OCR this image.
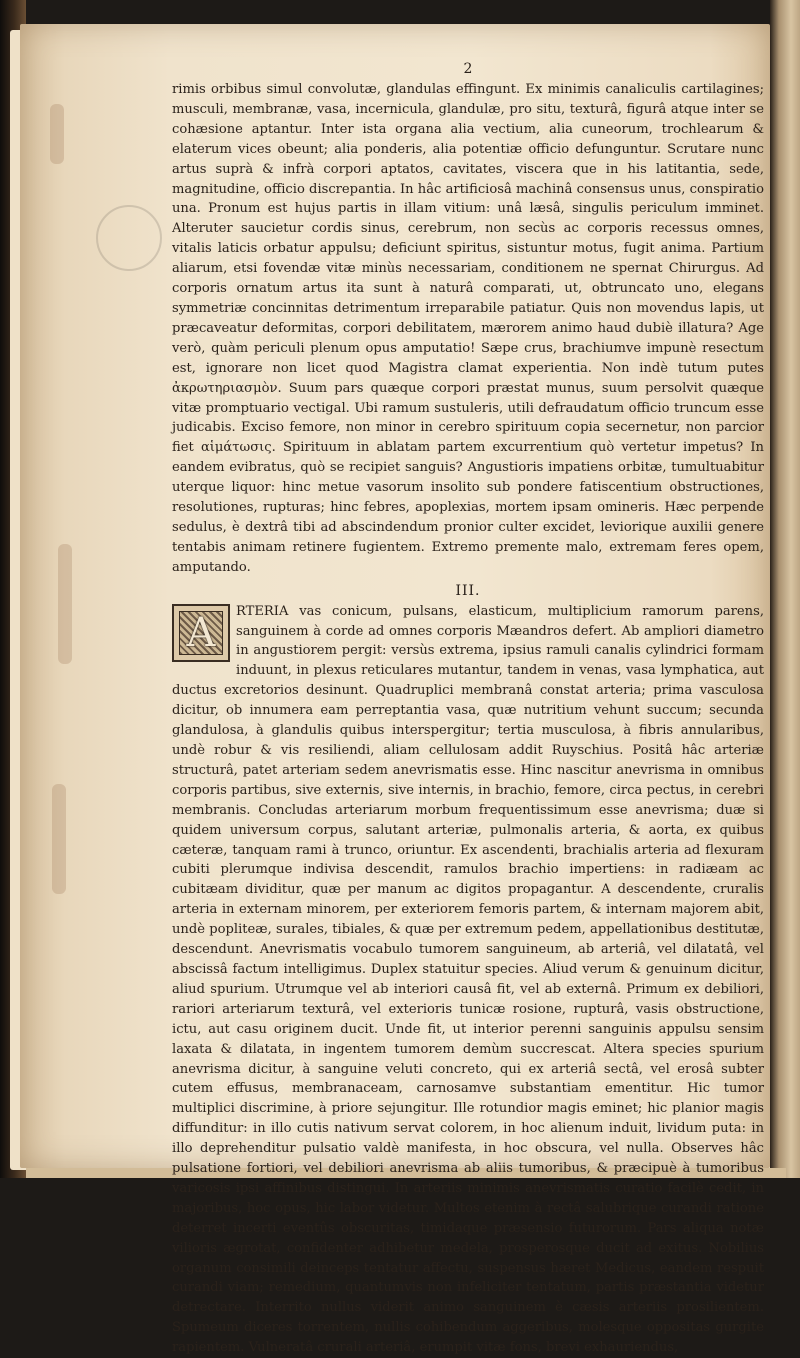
2
rimis orbibus simul convolutæ, glandulas effingunt. Ex minimis canaliculis cartilagines; musculi, membranæ, vasa, incernicula, glandulæ, pro situ, texturâ, figurâ atque inter se cohæsione aptantur. Inter ista organa alia vectium, alia cuneorum, trochlearum & elaterum vices obeunt; alia ponderis, alia potentiæ officio defunguntur. Scrutare nunc artus suprà & infrà corpori aptatos, cavitates, viscera que in his latitantia, sede, magnitudine, officio discrepantia. In hâc artificiosâ machinâ consensus unus, conspiratio una. Pronum est hujus partis in illam vitium: unâ læsâ, singulis periculum imminet. Alteruter saucietur cordis sinus, cerebrum, non secùs ac corporis recessus omnes, vitalis laticis orbatur appulsu; deficiunt spiritus, sistuntur motus, fugit anima. Partium aliarum, etsi fovendæ vitæ minùs necessariam, conditionem ne spernat Chirurgus. Ad corporis ornatum artus ita sunt à naturâ comparati, ut, obtruncato uno, elegans symmetriæ concinnitas detrimentum irreparabile patiatur. Quis non movendus lapis, ut præcaveatur deformitas, corpori debilitatem, mærorem animo haud dubiè illatura? Age verò, quàm periculi plenum opus amputatio! Sæpe crus, brachiumve impunè resectum est, ignorare non licet quod Magistra clamat experientia. Non indè tutum putes ἀκρωτηριασμὸν. Suum pars quæque corpori præstat munus, suum persolvit quæque vitæ promptuario vectigal. Ubi ramum sustuleris, utili defraudatum officio truncum esse judicabis. Exciso femore, non minor in cerebro spirituum copia secernetur, non parcior fiet αἱμάτωσις. Spirituum in ablatam partem excurrentium quò vertetur impetus? In eandem evibratus, quò se recipiet sanguis? Angustioris impatiens orbitæ, tumultuabitur uterque liquor: hinc metue vasorum insolito sub pondere fatiscentium obstructiones, resolutiones, rupturas; hinc febres, apoplexias, mortem ipsam omineris. Hæc perpende sedulus, è dextrâ tibi ad abscindendum pronior culter excidet, leviorique auxilii genere tentabis animam retinere fugientem. Extremo premente malo, extremam feres opem, amputando.
III.
A	RTERIA vas conicum, pulsans, elasticum, multiplicium ramorum parens, sanguinem à corde ad omnes corporis Mæandros defert. Ab ampliori diametro in angustiorem pergit: versùs extrema, ipsius ramuli canalis cylindrici formam induunt, in plexus reticulares mutantur, tandem in venas, vasa lymphatica, aut ductus excretorios desinunt. Quadruplici membranâ constat arteria; prima vasculosa dicitur, ob innumera eam perreptantia vasa, quæ nutritium vehunt succum; secunda glandulosa, à glandulis quibus interspergitur; tertia musculosa, à fibris annularibus, undè robur & vis resiliendi, aliam cellulosam addit Ruyschius. Positâ hâc arteriæ structurâ, patet arteriam sedem anevrismatis esse. Hinc nascitur anevrisma in omnibus corporis partibus, sive externis, sive internis, in brachio, femore, circa pectus, in cerebri membranis. Concludas arteriarum morbum frequentissimum esse anevrisma; duæ si quidem universum corpus, salutant arteriæ, pulmonalis arteria, & aorta, ex quibus cæteræ, tanquam rami à trunco, oriuntur. Ex ascendenti, brachialis arteria ad flexuram cubiti plerumque indivisa descendit, ramulos brachio impertiens: in radiæam ac cubitæam dividitur, quæ per manum ac digitos propagantur. A descendente, cruralis arteria in externam minorem, per exteriorem femoris partem, & internam majorem abit, undè popliteæ, surales, tibiales, & quæ per extremum pedem, appellationibus destitutæ, descendunt. Anevrismatis vocabulo tumorem sanguineum, ab arteriâ, vel dilatatâ, vel abscissâ factum intelligimus. Duplex statuitur species. Aliud verum & genuinum dicitur, aliud spurium. Utrumque vel ab interiori causâ fit, vel ab externâ. Primum ex debiliori, rariori arteriarum texturâ, vel exterioris tunicæ rosione, rupturâ, vasis obstructione, ictu, aut casu originem ducit. Unde fit, ut interior perenni sanguinis appulsu sensim laxata & dilatata, in ingentem tumorem demùm succrescat. Altera species spurium anevrisma dicitur, à sanguine veluti concreto, qui ex arteriâ sectâ, vel erosâ subter cutem effusus, membranaceam, carnosamve substantiam ementitur. Hic tumor multiplici discrimine, à priore sejungitur. Ille rotundior magis eminet; hic planior magis diffunditur: in illo cutis nativum servat colorem, in hoc alienum induit, lividum puta: in illo deprehenditur pulsatio valdè manifesta, in hoc obscura, vel nulla. Observes hâc pulsatione fortiori, vel debiliori anevrisma ab aliis tumoribus, & præcipuè à tumoribus varicosis ipsi affinibus distingui. In arteriis minimis anevrismatis curatio facilè cedit, in majoribus, hoc opus, hic labor videtur. Multos etenim à rectâ salubrique curandi ratione deterret incerti eventûs obscuritas, timidaque præsensio futurorum. Pars aliqua notæ vilioris ægrotat, confidenter adhibetur medela, prosperosque ducit ad exitus. Nobilius organum consimili deinceps tentatur affectu, suspensus hæret Medicus, eandem respuit curandi viam; remedium, quantumvis non infeliciter tentatum, partis præstantia videtur detrectare. Interrito nullus viderit animo sanguinem è cæsis arteriis prosilientem. Spumeum diceres torrentem, nullis cohibendum aggeribus, molesque oppositas gurgite rapientem. Vulneratâ crurali arteriâ, erumpit vitæ fons, brevi exhauriendus,
